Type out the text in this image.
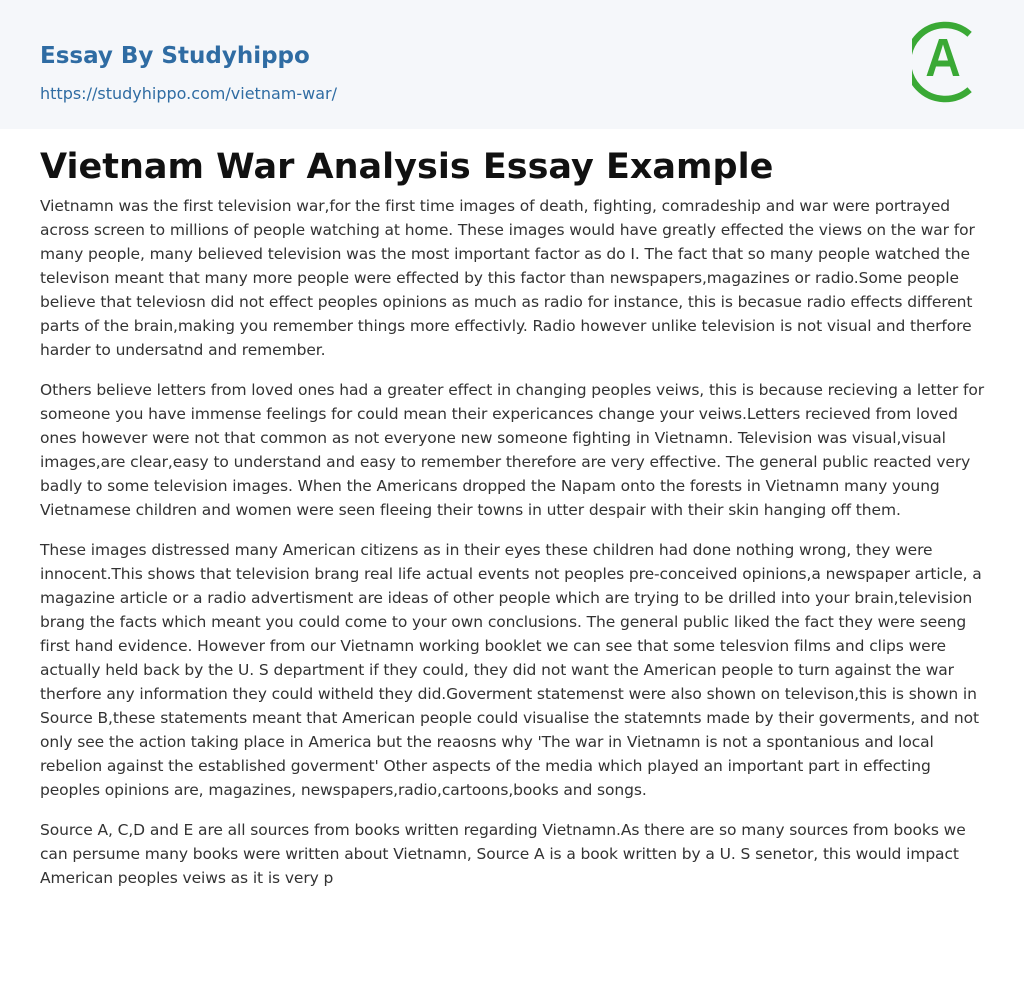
Essay By Studyhippo
https://studyhippo.com/vietnam-war/
Vietnam War Analysis Essay Example

Vietnamn was the first television war,for the first time images of death, fighting, comradeship and war were portrayed across screen to millions of people watching at home. These images would have greatly effected the views on the war for many people, many believed television was the most important factor as do I. The fact that so many people watched the televison meant that many more people were effected by this factor than newspapers,magazines or radio.Some people believe that televiosn did not effect peoples opinions as much as radio for instance, this is becasue radio effects different parts of the brain,making you remember things more effectivly. Radio however unlike television is not visual and therfore harder to undersatnd and remember.

Others believe letters from loved ones had a greater effect in changing peoples veiws, this is because recieving a letter for someone you have immense feelings for could mean their expericances change your veiws.Letters recieved from loved ones however were not that common as not everyone new someone fighting in Vietnamn. Television was visual,visual images,are clear,easy to understand and easy to remember therefore are very effective. The general public reacted very badly to some television images. When the Americans dropped the Napam onto the forests in Vietnamn many young Vietnamese children and women were seen fleeing their towns in utter despair with their skin hanging off them.

These images distressed many American citizens as in their eyes these children had done nothing wrong, they were innocent.This shows that television brang real life actual events not peoples pre-conceived opinions,a newspaper article, a magazine article or a radio advertisment are ideas of other people which are trying to be drilled into your brain,television brang the facts which meant you could come to your own conclusions. The general public liked the fact they were seeng first hand evidence. However from our Vietnamn working booklet we can see that some telesvion films and clips were actually held back by the U. S department if they could, they did not want the American people to turn against the war therfore any information they could witheld they did.Goverment statemenst were also shown on televison,this is shown in Source B,these statements meant that American people could visualise the statemnts made by their goverments, and not only see the action taking place in America but the reaosns why 'The war in Vietnamn is not a spontanious and local rebelion against the established goverment' Other aspects of the media which played an important part in effecting peoples opinions are, magazines, newspapers,radio,cartoons,books and songs.

Source A, C,D and E are all sources from books written regarding Vietnamn.As there are so many sources from books we can persume many books were written about Vietnamn, Source A is a book written by a U. S senetor, this would impact American peoples veiws as it is very p
